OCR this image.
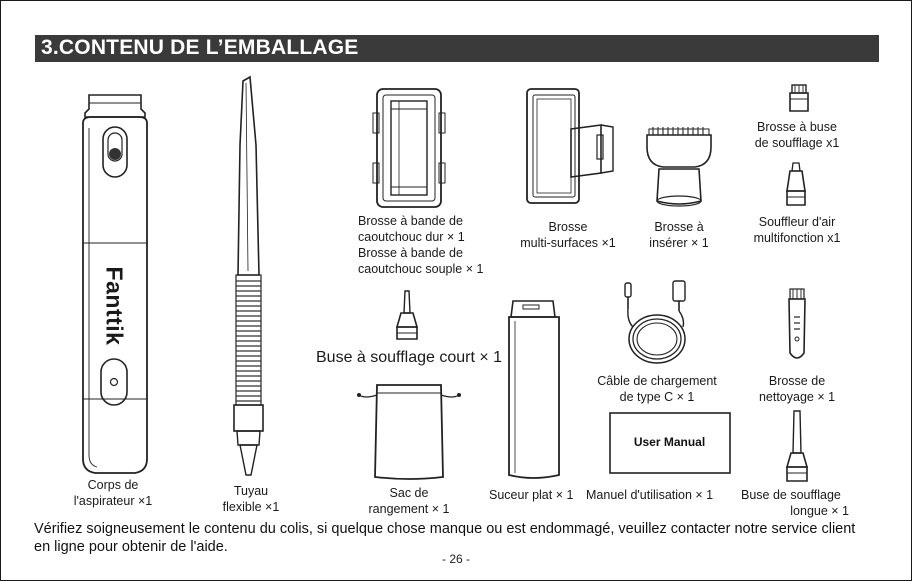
3.CONTENU DE L’EMBALLAGE
Fanttik
Corps de
l'aspirateur ×1
Tuyau
flexible ×1
Brosse à bande de
caoutchouc dur × 1
Brosse à bande de
caoutchouc souple × 1
Brosse
multi-surfaces ×1
Brosse à
insérer × 1
Brosse à buse
de soufflage x1
Souffleur d'air
multifonction x1
Buse à soufflage court × 1
Sac de
rangement × 1
Suceur plat × 1
Câble de chargement
de type C × 1
User Manual
Manuel d'utilisation × 1
Brosse de
nettoyage × 1
Buse de soufflage
longue × 1
Vérifiez soigneusement le contenu du colis, si quelque chose manque ou est endommagé, veuillez contacter notre service client
en ligne pour obtenir de l'aide.
- 26 -
